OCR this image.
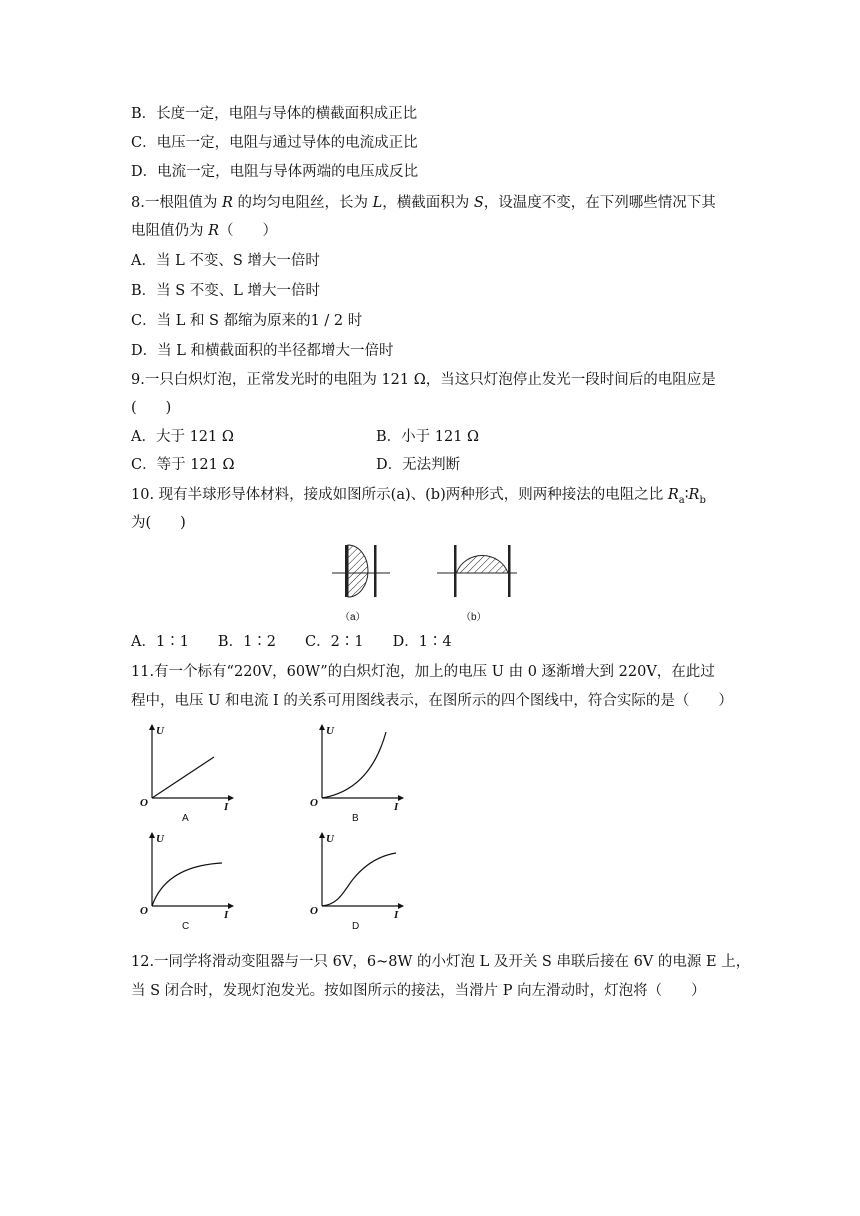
B．长度一定，电阻与导体的横截面积成正比
C．电压一定，电阻与通过导体的电流成正比
D．电流一定，电阻与导体两端的电压成反比
8.一根阻值为 R 的均匀电阻丝，长为 L，横截面积为 S，设温度不变，在下列哪些情况下其
电阻值仍为 R（　　）
A．当 L 不变、S 增大一倍时
B．当 S 不变、L 增大一倍时
C．当 L 和 S 都缩为原来的1 / 2 时
D．当 L 和横截面积的半径都增大一倍时
9.一只白炽灯泡，正常发光时的电阻为 121 Ω，当这只灯泡停止发光一段时间后的电阻应是
(　　)
A．大于 121 Ω	B．小于 121 Ω
C．等于 121 Ω	D．无法判断
10. 现有半球形导体材料，接成如图所示(a)、(b)两种形式，则两种接法的电阻之比 $R_a∶R_b$
为(　　)
（a）	（b）
A．1∶1　　B．1∶2　　C．2∶1　　D．1∶4
11.有一个标有“220V，60W”的白炽灯泡，加上的电压 U 由 0 逐渐增大到 220V，在此过
程中，电压 U 和电流 I 的关系可用图线表示，在图所示的四个图线中，符合实际的是（　　）
U
O	I
A
U
O	I
B
U
O	I
C
U
O	I
D
12.一同学将滑动变阻器与一只 6V，6~8W 的小灯泡 L 及开关 S 串联后接在 6V 的电源 E 上，
当 S 闭合时，发现灯泡发光。按如图所示的接法，当滑片 P 向左滑动时，灯泡将（　　）
